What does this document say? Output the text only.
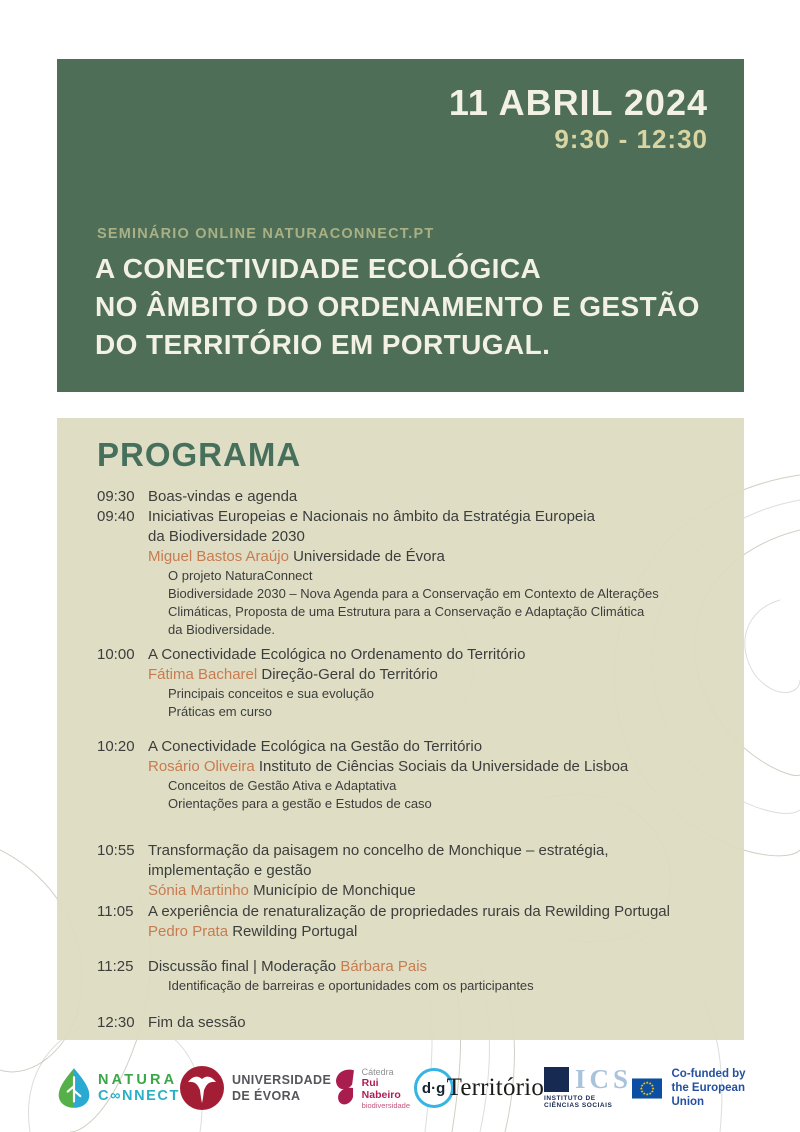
11 ABRIL 2024
9:30 - 12:30
SEMINÁRIO ONLINE NATURACONNECT.PT
A CONECTIVIDADE ECOLÓGICA
NO ÂMBITO DO ORDENAMENTO E GESTÃO
DO TERRITÓRIO EM PORTUGAL.
PROGRAMA
09:30 Boas-vindas e agenda
09:40 Iniciativas Europeias e Nacionais no âmbito da Estratégia Europeia
da Biodiversidade 2030
Miguel Bastos Araújo Universidade de Évora
O projeto NaturaConnect
Biodiversidade 2030 – Nova Agenda para a Conservação em Contexto de Alterações
Climáticas, Proposta de uma Estrutura para a Conservação e Adaptação Climática
da Biodiversidade.
10:00 A Conectividade Ecológica no Ordenamento do Território
Fátima Bacharel Direção-Geral do Território
Principais conceitos e sua evolução
Práticas em curso
10:20 A Conectividade Ecológica na Gestão do Território
Rosário Oliveira Instituto de Ciências Sociais da Universidade de Lisboa
Conceitos de Gestão Ativa e Adaptativa
Orientações para a gestão e Estudos de caso
10:55 Transformação da paisagem no concelho de Monchique – estratégia,
implementação e gestão
Sónia Martinho Município de Monchique
11:05 A experiência de renaturalização de propriedades rurais da Rewilding Portugal
Pedro Prata Rewilding Portugal
11:25 Discussão final | Moderação Bárbara Pais
Identificação de barreiras e oportunidades com os participantes
12:30 Fim da sessão
NATURA
C∞NNECT
UNIVERSIDADE
DE ÉVORA
Cátedra
Rui Nabeiro
biodiversidade
d·g Território ICS
INSTITUTO DE CIÊNCIAS SOCIAIS
Co-funded by
the European Union
